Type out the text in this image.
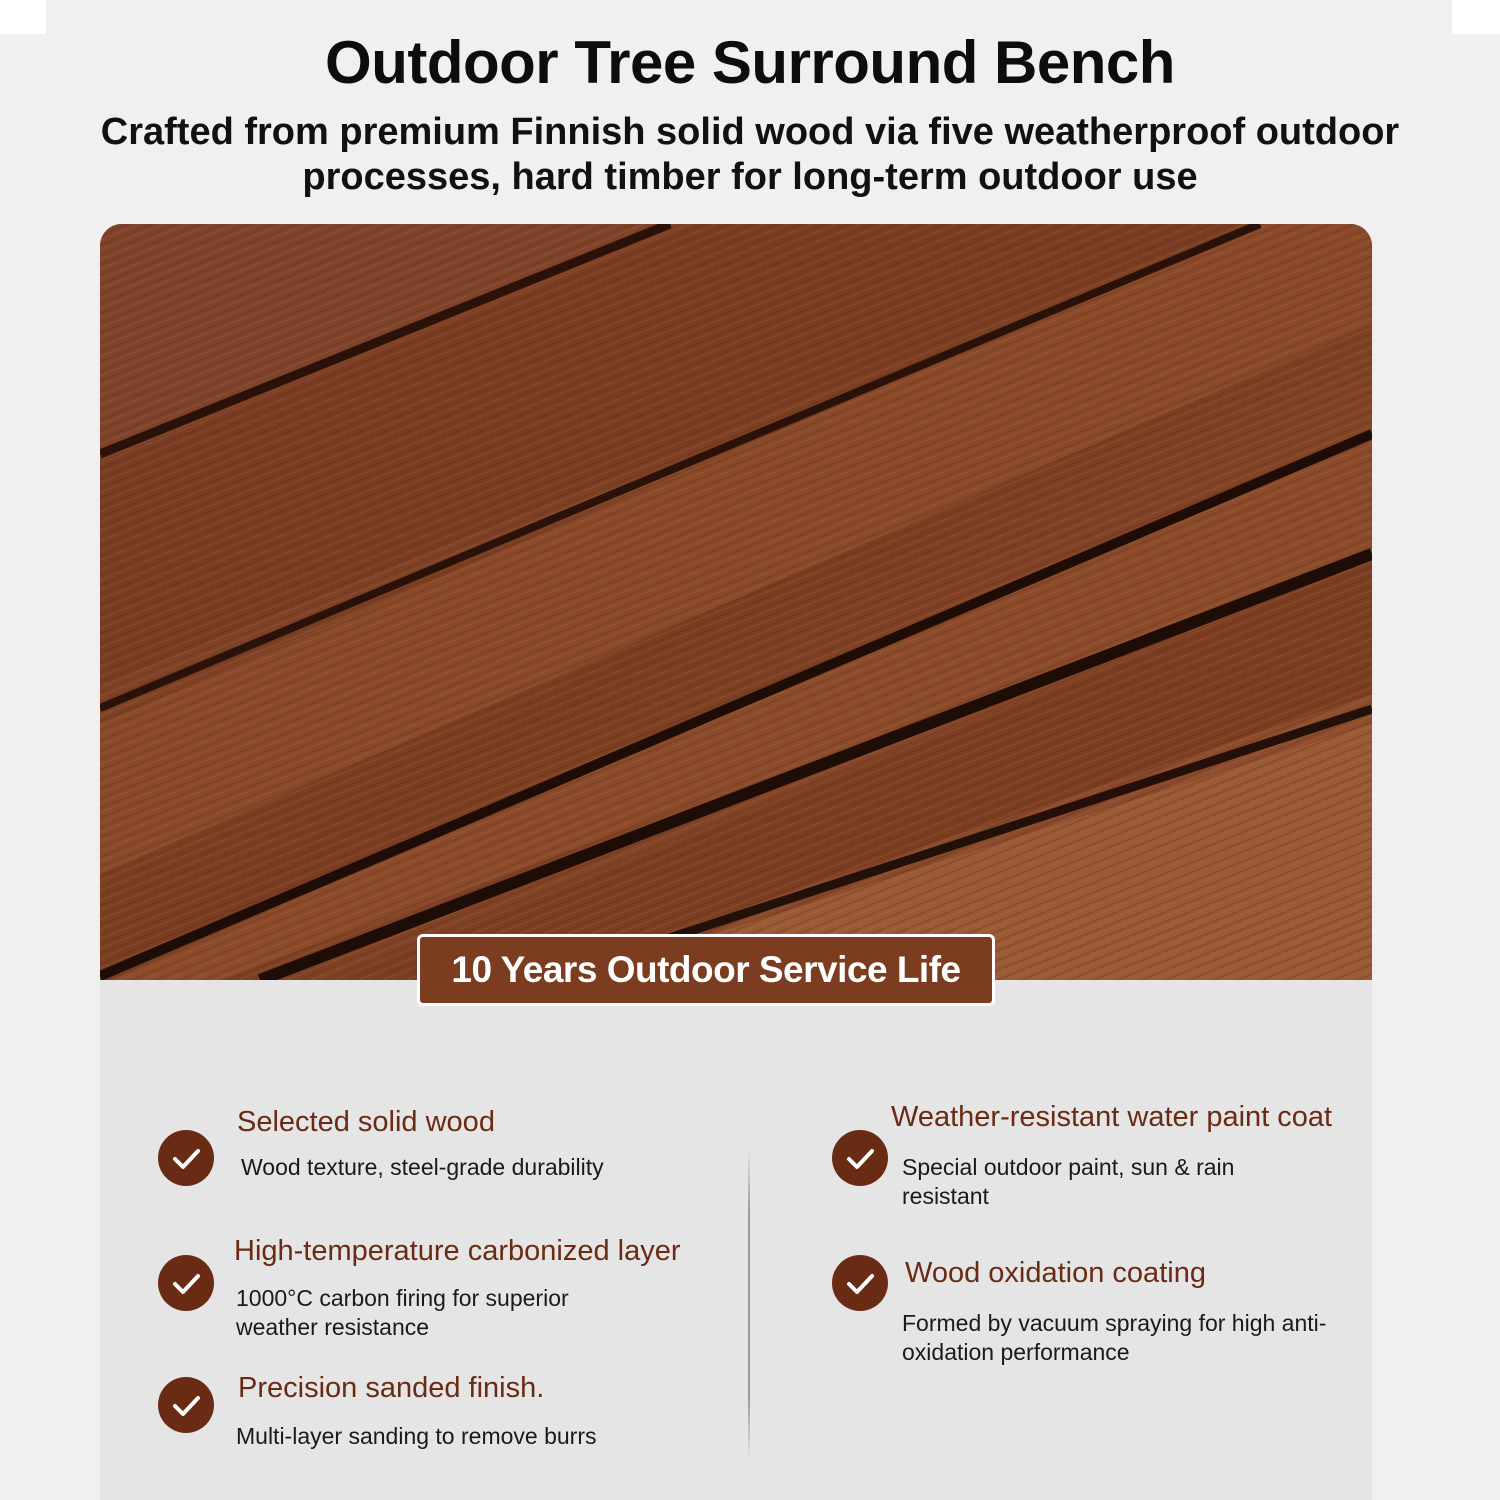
Outdoor Tree Surround Bench
Crafted from premium Finnish solid wood via five weatherproof outdoor processes, hard timber for long-term outdoor use
10 Years Outdoor Service Life
Selected solid wood
Wood texture, steel-grade durability
High-temperature carbonized layer
1000°C carbon firing for superior weather resistance
Precision sanded finish.
Multi-layer sanding to remove burrs
Weather-resistant water paint coat
Special outdoor paint, sun & rain resistant
Wood oxidation coating
Formed by vacuum spraying for high anti-oxidation performance
